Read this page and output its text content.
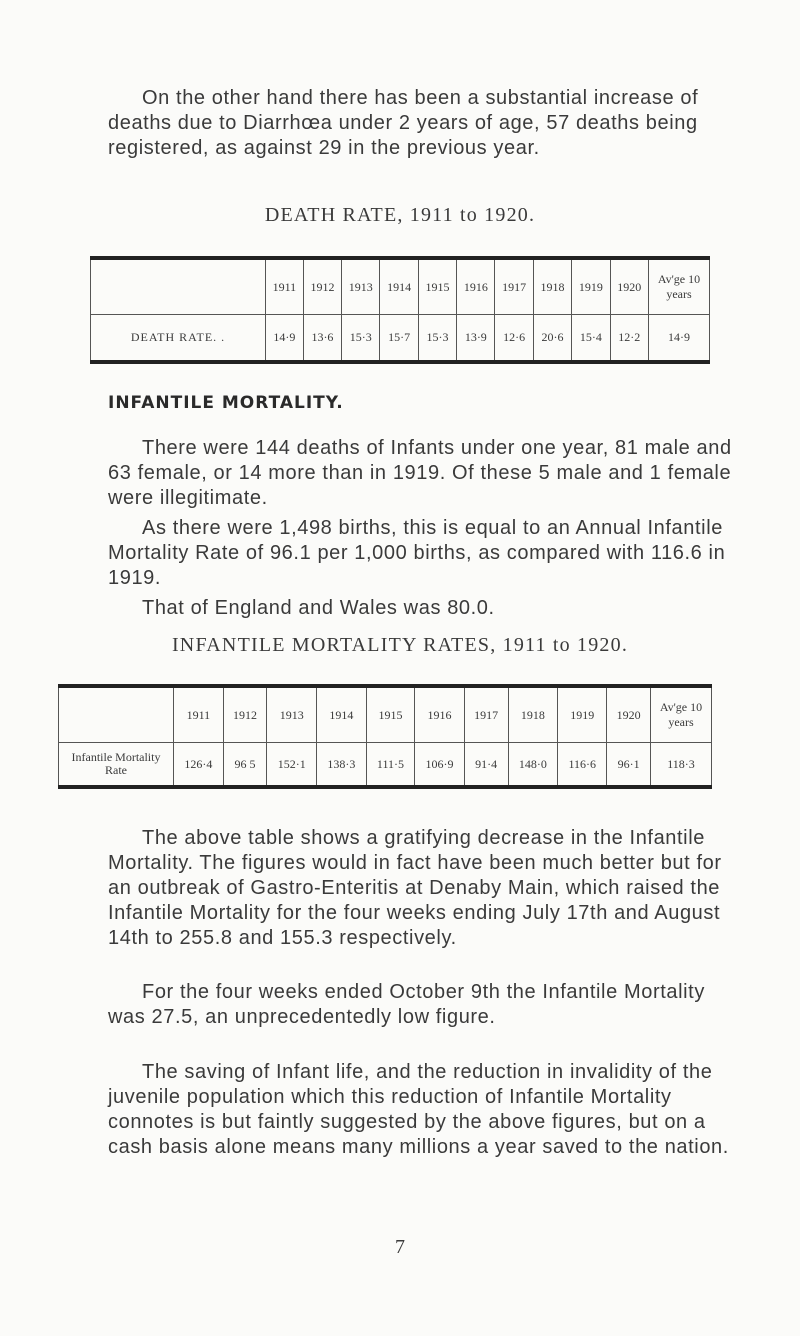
On the other hand there has been a substantial increase of deaths due to Diarrhœa under 2 years of age, 57 deaths being registered, as against 29 in the previous year.

DEATH RATE, 1911 to 1920.

	1911	1912	1913	1914	1915	1916	1917	1918	1919	1920	Av'ge 10 years
DEATH RATE. .	14·9	13·6	15·3	15·7	15·3	13·9	12·6	20·6	15·4	12·2	14·9

INFANTILE MORTALITY.

There were 144 deaths of Infants under one year, 81 male and 63 female, or 14 more than in 1919. Of these 5 male and 1 female were illegitimate.

As there were 1,498 births, this is equal to an Annual Infantile Mortality Rate of 96.1 per 1,000 births, as compared with 116.6 in 1919.

That of England and Wales was 80.0.

INFANTILE MORTALITY RATES, 1911 to 1920.

	1911	1912	1913	1914	1915	1916	1917	1918	1919	1920	Av'ge 10 years
Infantile Mortality Rate	126·4	96 5	152·1	138·3	111·5	106·9	91·4	148·0	116·6	96·1	118·3

The above table shows a gratifying decrease in the Infantile Mortality. The figures would in fact have been much better but for an outbreak of Gastro-Enteritis at Denaby Main, which raised the Infantile Mortality for the four weeks ending July 17th and August 14th to 255.8 and 155.3 respectively.

For the four weeks ended October 9th the Infantile Mortality was 27.5, an unprecedentedly low figure.

The saving of Infant life, and the reduction in invalidity of the juvenile population which this reduction of Infantile Mortality connotes is but faintly suggested by the above figures, but on a cash basis alone means many millions a year saved to the nation.

7
